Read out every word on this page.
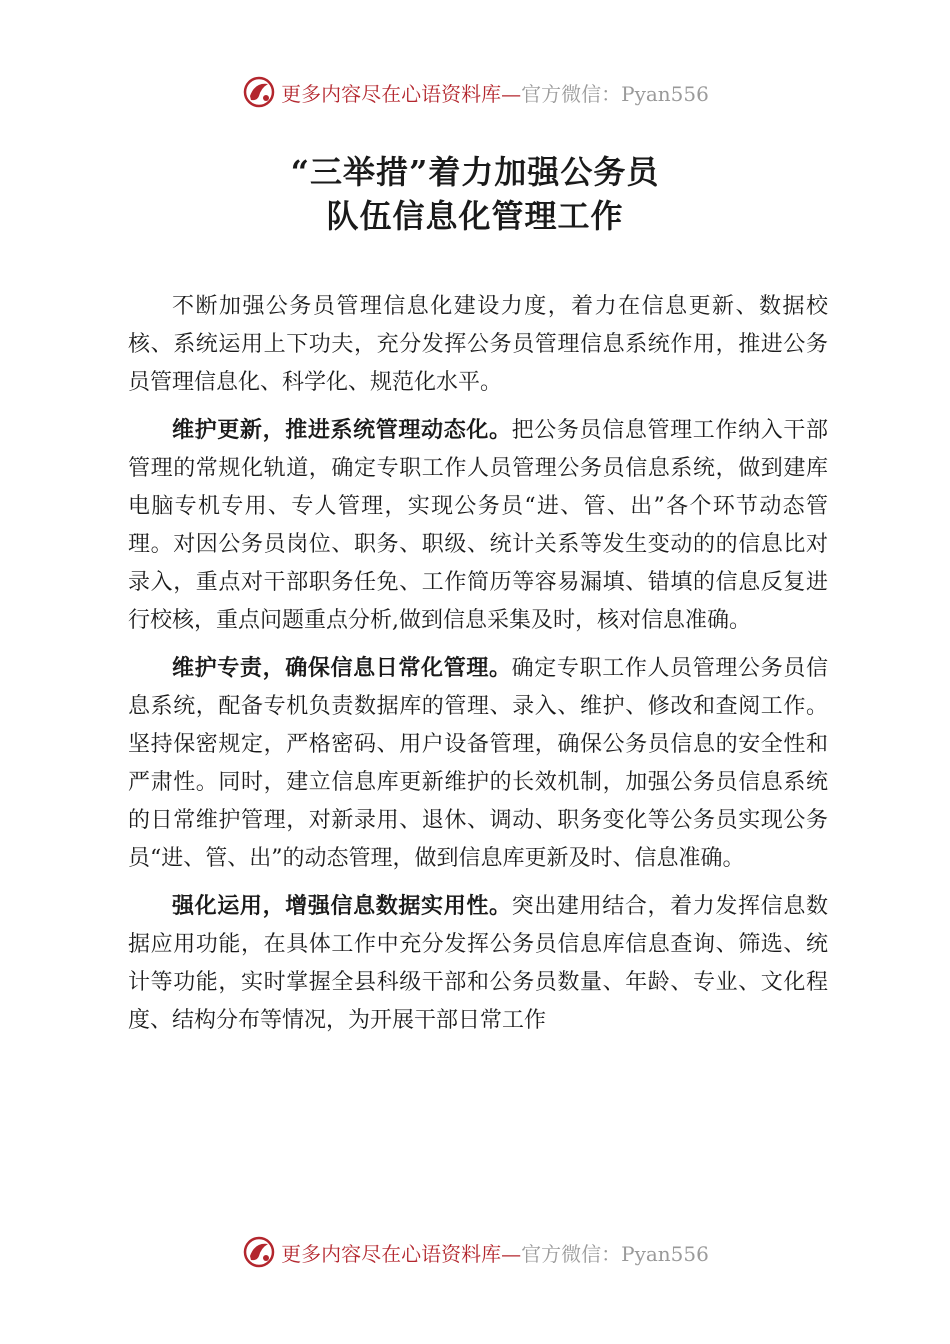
更多内容尽在心语资料库— 官方微信：Pyan556
“三举措”着力加强公务员
队伍信息化管理工作

不断加强公务员管理信息化建设力度，着力在信息更新、数据校核、系统运用上下功夫，充分发挥公务员管理信息系统作用，推进公务员管理信息化、科学化、规范化水平。

维护更新，推进系统管理动态化。把公务员信息管理工作纳入干部管理的常规化轨道，确定专职工作人员管理公务员信息系统，做到建库电脑专机专用、专人管理，实现公务员“进、管、出”各个环节动态管理。对因公务员岗位、职务、职级、统计关系等发生变动的的信息比对录入，重点对干部职务任免、工作简历等容易漏填、错填的信息反复进行校核，重点问题重点分析,做到信息采集及时，核对信息准确。

维护专责，确保信息日常化管理。确定专职工作人员管理公务员信息系统，配备专机负责数据库的管理、录入、维护、修改和查阅工作。坚持保密规定，严格密码、用户设备管理，确保公务员信息的安全性和严肃性。同时，建立信息库更新维护的长效机制，加强公务员信息系统的日常维护管理，对新录用、退休、调动、职务变化等公务员实现公务员“进、管、出”的动态管理，做到信息库更新及时、信息准确。

强化运用，增强信息数据实用性。突出建用结合，着力发挥信息数据应用功能，在具体工作中充分发挥公务员信息库信息查询、筛选、统计等功能，实时掌握全县科级干部和公务员数量、年龄、专业、文化程度、结构分布等情况，为开展干部日常工作

更多内容尽在心语资料库— 官方微信：Pyan556
